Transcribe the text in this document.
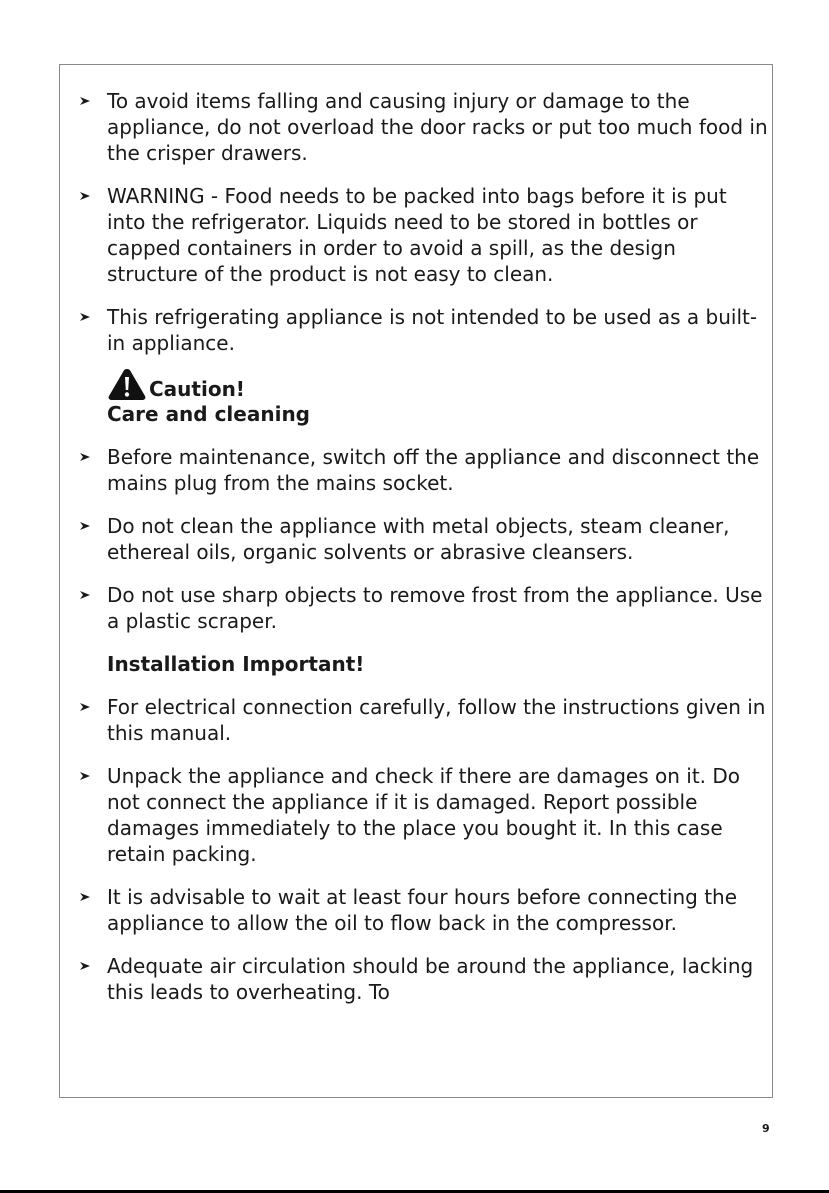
To avoid items falling and causing injury or damage to the appliance, do not overload the door racks or put too much food in the crisper drawers.
WARNING - Food needs to be packed into bags before it is put into the refrigerator. Liquids need to be stored in bottles or capped containers in order to avoid a spill, as the design structure of the product is not easy to clean.
This refrigerating appliance is not intended to be used as a built-in appliance.
Caution!
Care and cleaning
Before maintenance, switch off the appliance and disconnect the mains plug from the mains socket.
Do not clean the appliance with metal objects, steam cleaner, ethereal oils, organic solvents or abrasive cleansers.
Do not use sharp objects to remove frost from the appliance. Use a plastic scraper.
Installation Important!
For electrical connection carefully, follow the instructions given in this manual.
Unpack the appliance and check if there are damages on it. Do not connect the appliance if it is damaged. Report possible damages immediately to the place you bought it. In this case retain packing.
It is advisable to wait at least four hours before connecting the appliance to allow the oil to flow back in the compressor.
Adequate air circulation should be around the appliance, lacking this leads to overheating. To
9
